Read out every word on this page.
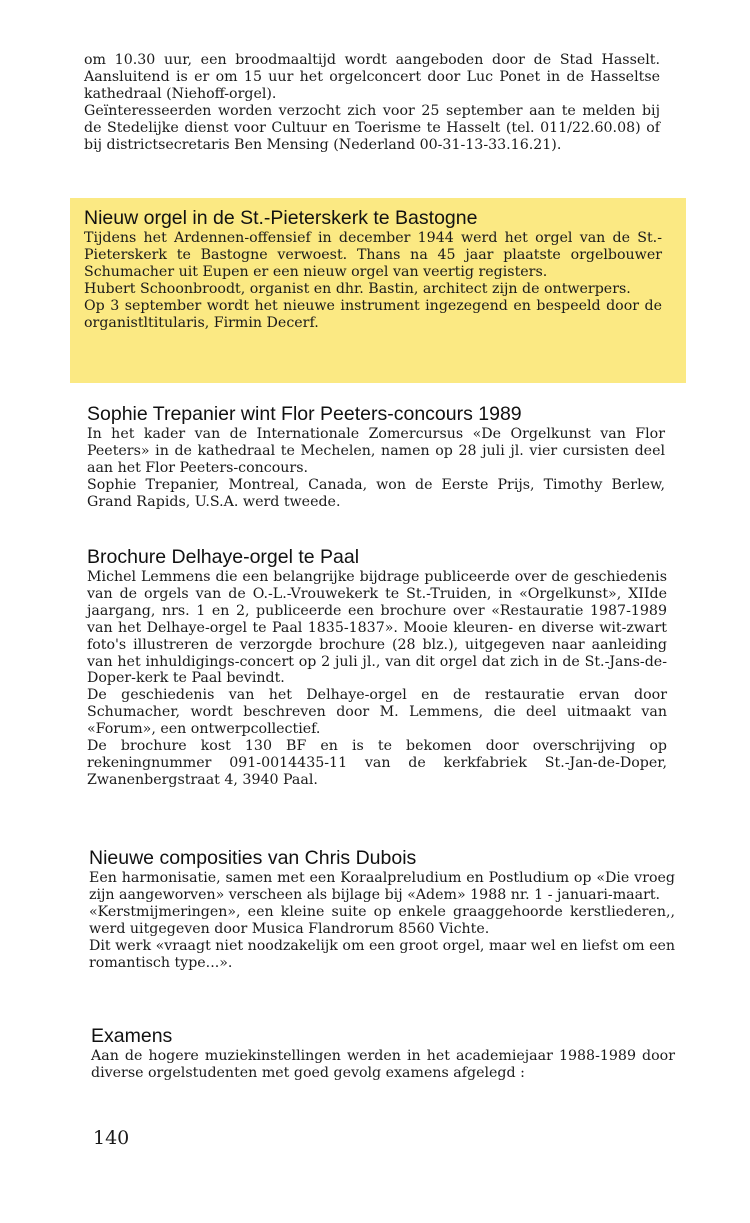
om 10.30 uur, een broodmaaltijd wordt aangeboden door de Stad Hasselt. Aansluitend is er om 15 uur het orgelconcert door Luc Ponet in de Hasseltse kathedraal (Niehoff-orgel).

Geïnteresseerden worden verzocht zich voor 25 september aan te melden bij de Stedelijke dienst voor Cultuur en Toerisme te Hasselt (tel. 011/22.60.08) of bij districtsecretaris Ben Mensing (Nederland 00-31-13-33.16.21).

Nieuw orgel in de St.-Pieterskerk te Bastogne

Tijdens het Ardennen-offensief in december 1944 werd het orgel van de St.-Pieterskerk te Bastogne verwoest. Thans na 45 jaar plaatste orgelbouwer Schumacher uit Eupen er een nieuw orgel van veertig registers.

Hubert Schoonbroodt, organist en dhr. Bastin, architect zijn de ontwerpers.

Op 3 september wordt het nieuwe instrument ingezegend en bespeeld door de organistltitularis, Firmin Decerf.

Sophie Trepanier wint Flor Peeters-concours 1989

In het kader van de Internationale Zomercursus «De Orgelkunst van Flor Peeters» in de kathedraal te Mechelen, namen op 28 juli jl. vier cursisten deel aan het Flor Peeters-concours.

Sophie Trepanier, Montreal, Canada, won de Eerste Prijs, Timothy Berlew, Grand Rapids, U.S.A. werd tweede.

Brochure Delhaye-orgel te Paal

Michel Lemmens die een belangrijke bijdrage publiceerde over de geschiedenis van de orgels van de O.-L.-Vrouwekerk te St.-Truiden, in «Orgelkunst», XIIde jaargang, nrs. 1 en 2, publiceerde een brochure over «Restauratie 1987-1989 van het Delhaye-orgel te Paal 1835-1837». Mooie kleuren- en diverse wit-zwart foto's illustreren de verzorgde brochure (28 blz.), uitgegeven naar aanleiding van het inhuldigings-concert op 2 juli jl., van dit orgel dat zich in de St.-Jans-de-Doper-kerk te Paal bevindt.

De geschiedenis van het Delhaye-orgel en de restauratie ervan door Schumacher, wordt beschreven door M. Lemmens, die deel uitmaakt van «Forum», een ontwerpcollectief.

De brochure kost 130 BF en is te bekomen door overschrijving op rekeningnummer 091-0014435-11 van de kerkfabriek St.-Jan-de-Doper, Zwanenbergstraat 4, 3940 Paal.

Nieuwe composities van Chris Dubois

Een harmonisatie, samen met een Koraalpreludium en Postludium op «Die vroeg zijn aangeworven» verscheen als bijlage bij «Adem» 1988 nr. 1 - januari-maart.

«Kerstmijmeringen», een kleine suite op enkele graaggehoorde kerstliederen,, werd uitgegeven door Musica Flandrorum 8560 Vichte.

Dit werk «vraagt niet noodzakelijk om een groot orgel, maar wel en liefst om een romantisch type...».

Examens

Aan de hogere muziekinstellingen werden in het academiejaar 1988-1989 door diverse orgelstudenten met goed gevolg examens afgelegd :

140
